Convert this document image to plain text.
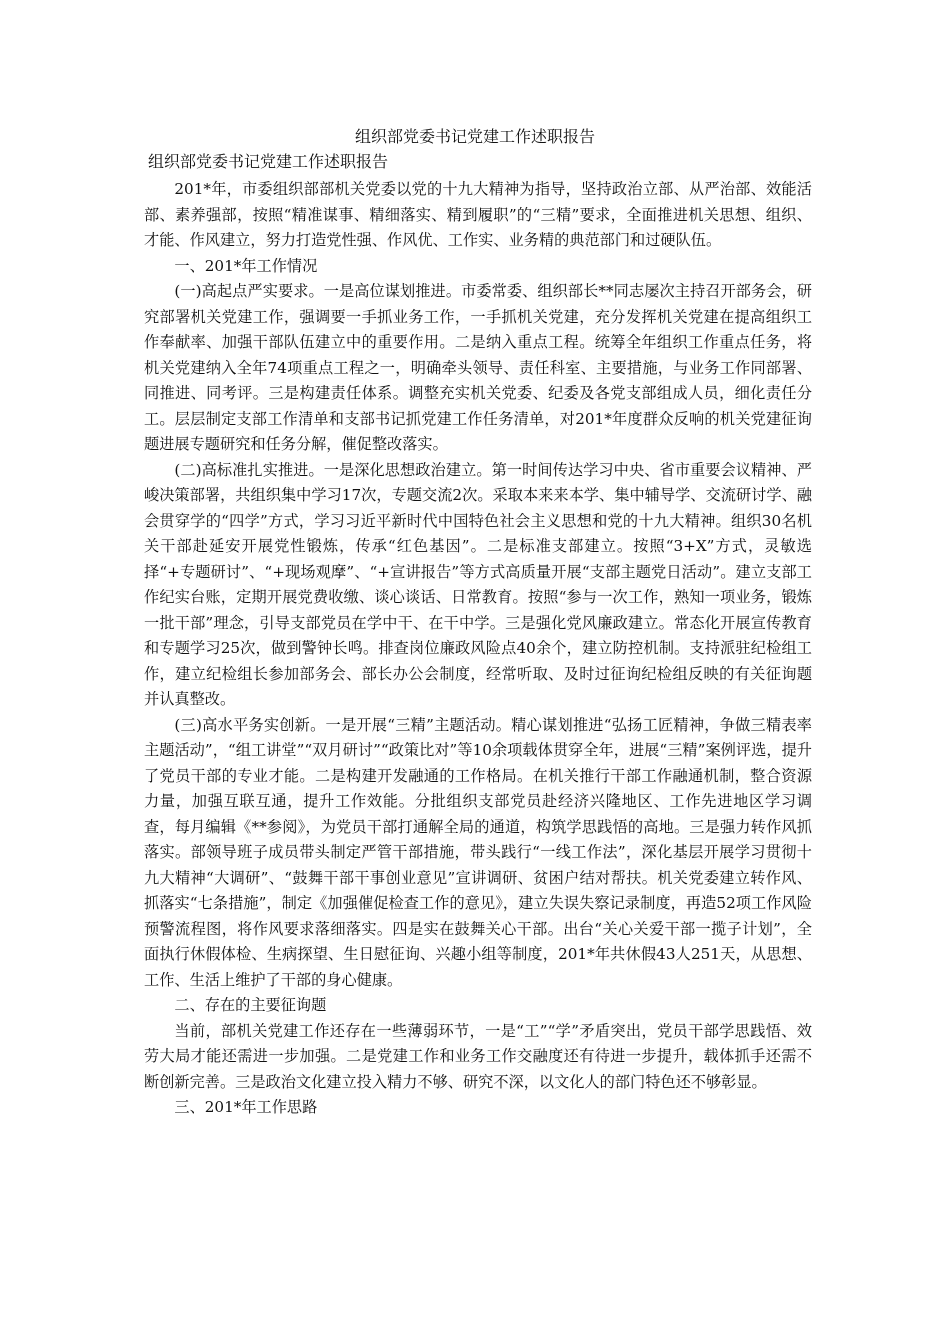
组织部党委书记党建工作述职报告
组织部党委书记党建工作述职报告

201*年，市委组织部部机关党委以党的十九大精神为指导，坚持政治立部、从严治部、效能活部、素养强部，按照“精准谋事、精细落实、精到履职”的“三精”要求，全面推进机关思想、组织、才能、作风建立，努力打造党性强、作风优、工作实、业务精的典范部门和过硬队伍。

一、201*年工作情况

(一)高起点严实要求。一是高位谋划推进。市委常委、组织部长**同志屡次主持召开部务会，研究部署机关党建工作，强调要一手抓业务工作，一手抓机关党建，充分发挥机关党建在提高组织工作奉献率、加强干部队伍建立中的重要作用。二是纳入重点工程。统筹全年组织工作重点任务，将机关党建纳入全年74项重点工程之一，明确牵头领导、责任科室、主要措施，与业务工作同部署、同推进、同考评。三是构建责任体系。调整充实机关党委、纪委及各党支部组成人员，细化责任分工。层层制定支部工作清单和支部书记抓党建工作任务清单，对201*年度群众反响的机关党建征询题进展专题研究和任务分解，催促整改落实。

(二)高标准扎实推进。一是深化思想政治建立。第一时间传达学习中央、省市重要会议精神、严峻决策部署，共组织集中学习17次，专题交流2次。采取本来来本学、集中辅导学、交流研讨学、融会贯穿学的“四学”方式，学习习近平新时代中国特色社会主义思想和党的十九大精神。组织30名机关干部赴延安开展党性锻炼，传承“红色基因”。二是标准支部建立。按照“3+X”方式，灵敏选择“+专题研讨”、“+现场观摩”、“+宣讲报告”等方式高质量开展“支部主题党日活动”。建立支部工作纪实台账，定期开展党费收缴、谈心谈话、日常教育。按照“参与一次工作，熟知一项业务，锻炼一批干部”理念，引导支部党员在学中干、在干中学。三是强化党风廉政建立。常态化开展宣传教育和专题学习25次，做到警钟长鸣。排查岗位廉政风险点40余个，建立防控机制。支持派驻纪检组工作，建立纪检组长参加部务会、部长办公会制度，经常听取、及时过征询纪检组反映的有关征询题并认真整改。

(三)高水平务实创新。一是开展“三精”主题活动。精心谋划推进“弘扬工匠精神，争做三精表率主题活动”，“组工讲堂”“双月研讨”“政策比对”等10余项载体贯穿全年，进展“三精”案例评选，提升了党员干部的专业才能。二是构建开发融通的工作格局。在机关推行干部工作融通机制，整合资源力量，加强互联互通，提升工作效能。分批组织支部党员赴经济兴隆地区、工作先进地区学习调查，每月编辑《**参阅》，为党员干部打通解全局的通道，构筑学思践悟的高地。三是强力转作风抓落实。部领导班子成员带头制定严管干部措施，带头践行“一线工作法”，深化基层开展学习贯彻十九大精神“大调研”、“鼓舞干部干事创业意见”宣讲调研、贫困户结对帮扶。机关党委建立转作风、抓落实“七条措施”，制定《加强催促检查工作的意见》，建立失误失察记录制度，再造52项工作风险预警流程图，将作风要求落细落实。四是实在鼓舞关心干部。出台“关心关爱干部一揽子计划”，全面执行休假体检、生病探望、生日慰征询、兴趣小组等制度，201*年共休假43人251天，从思想、工作、生活上维护了干部的身心健康。

二、存在的主要征询题

当前，部机关党建工作还存在一些薄弱环节，一是“工”“学”矛盾突出，党员干部学思践悟、效劳大局才能还需进一步加强。二是党建工作和业务工作交融度还有待进一步提升，载体抓手还需不断创新完善。三是政治文化建立投入精力不够、研究不深，以文化人的部门特色还不够彰显。

三、201*年工作思路
